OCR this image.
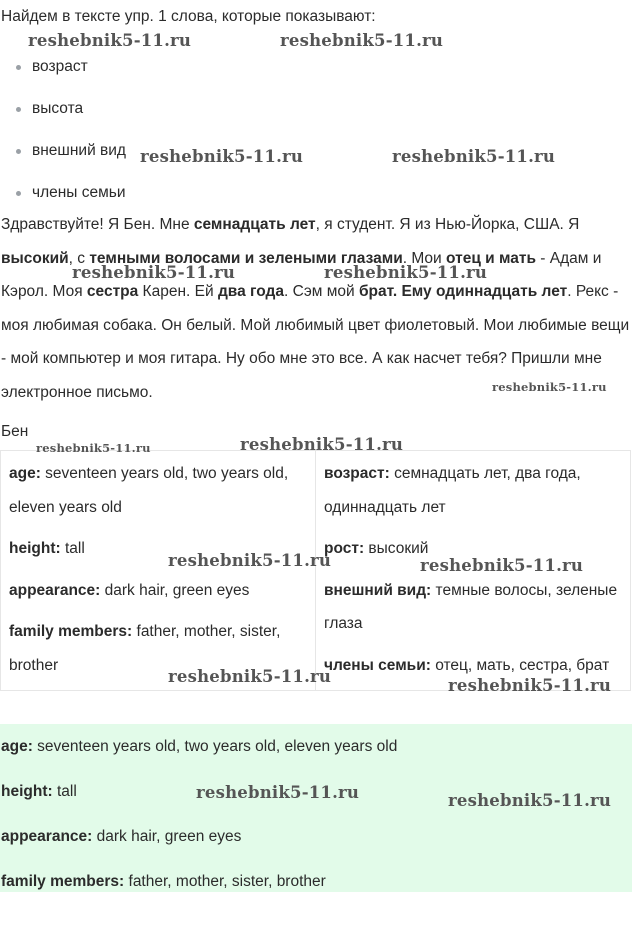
Найдем в тексте упр. 1 слова, которые показывают:

возраст
высота
внешний вид
члены семьи

Здравствуйте! Я Бен. Мне семнадцать лет, я студент. Я из Нью-Йорка, США. Я высокий, с темными волосами и зелеными глазами. Мои отец и мать - Адам и Кэрол. Моя сестра Карен. Ей два года. Сэм мой брат. Ему одиннадцать лет. Рекс - моя любимая собака. Он белый. Мой любимый цвет фиолетовый. Мои любимые вещи - мой компьютер и моя гитара. Ну обо мне это все. А как насчет тебя? Пришли мне электронное письмо.

Бен

age: seventeen years old, two years old, eleven years old

height: tall

appearance: dark hair, green eyes

family members: father, mother, sister, brother

возраст: семнадцать лет, два года, одиннадцать лет

рост: высокий

внешний вид: темные волосы, зеленые глаза

члены семьи: отец, мать, сестра, брат

age: seventeen years old, two years old, eleven years old

height: tall

appearance: dark hair, green eyes

family members: father, mother, sister, brother

reshebnik5-11.ru	reshebnik5-11.ru
reshebnik5-11.ru	reshebnik5-11.ru
reshebnik5-11.ru	reshebnik5-11.ru
reshebnik5-11.ru
reshebnik5-11.ru	reshebnik5-11.ru
reshebnik5-11.ru	reshebnik5-11.ru
reshebnik5-11.ru	reshebnik5-11.ru
reshebnik5-11.ru	reshebnik5-11.ru
